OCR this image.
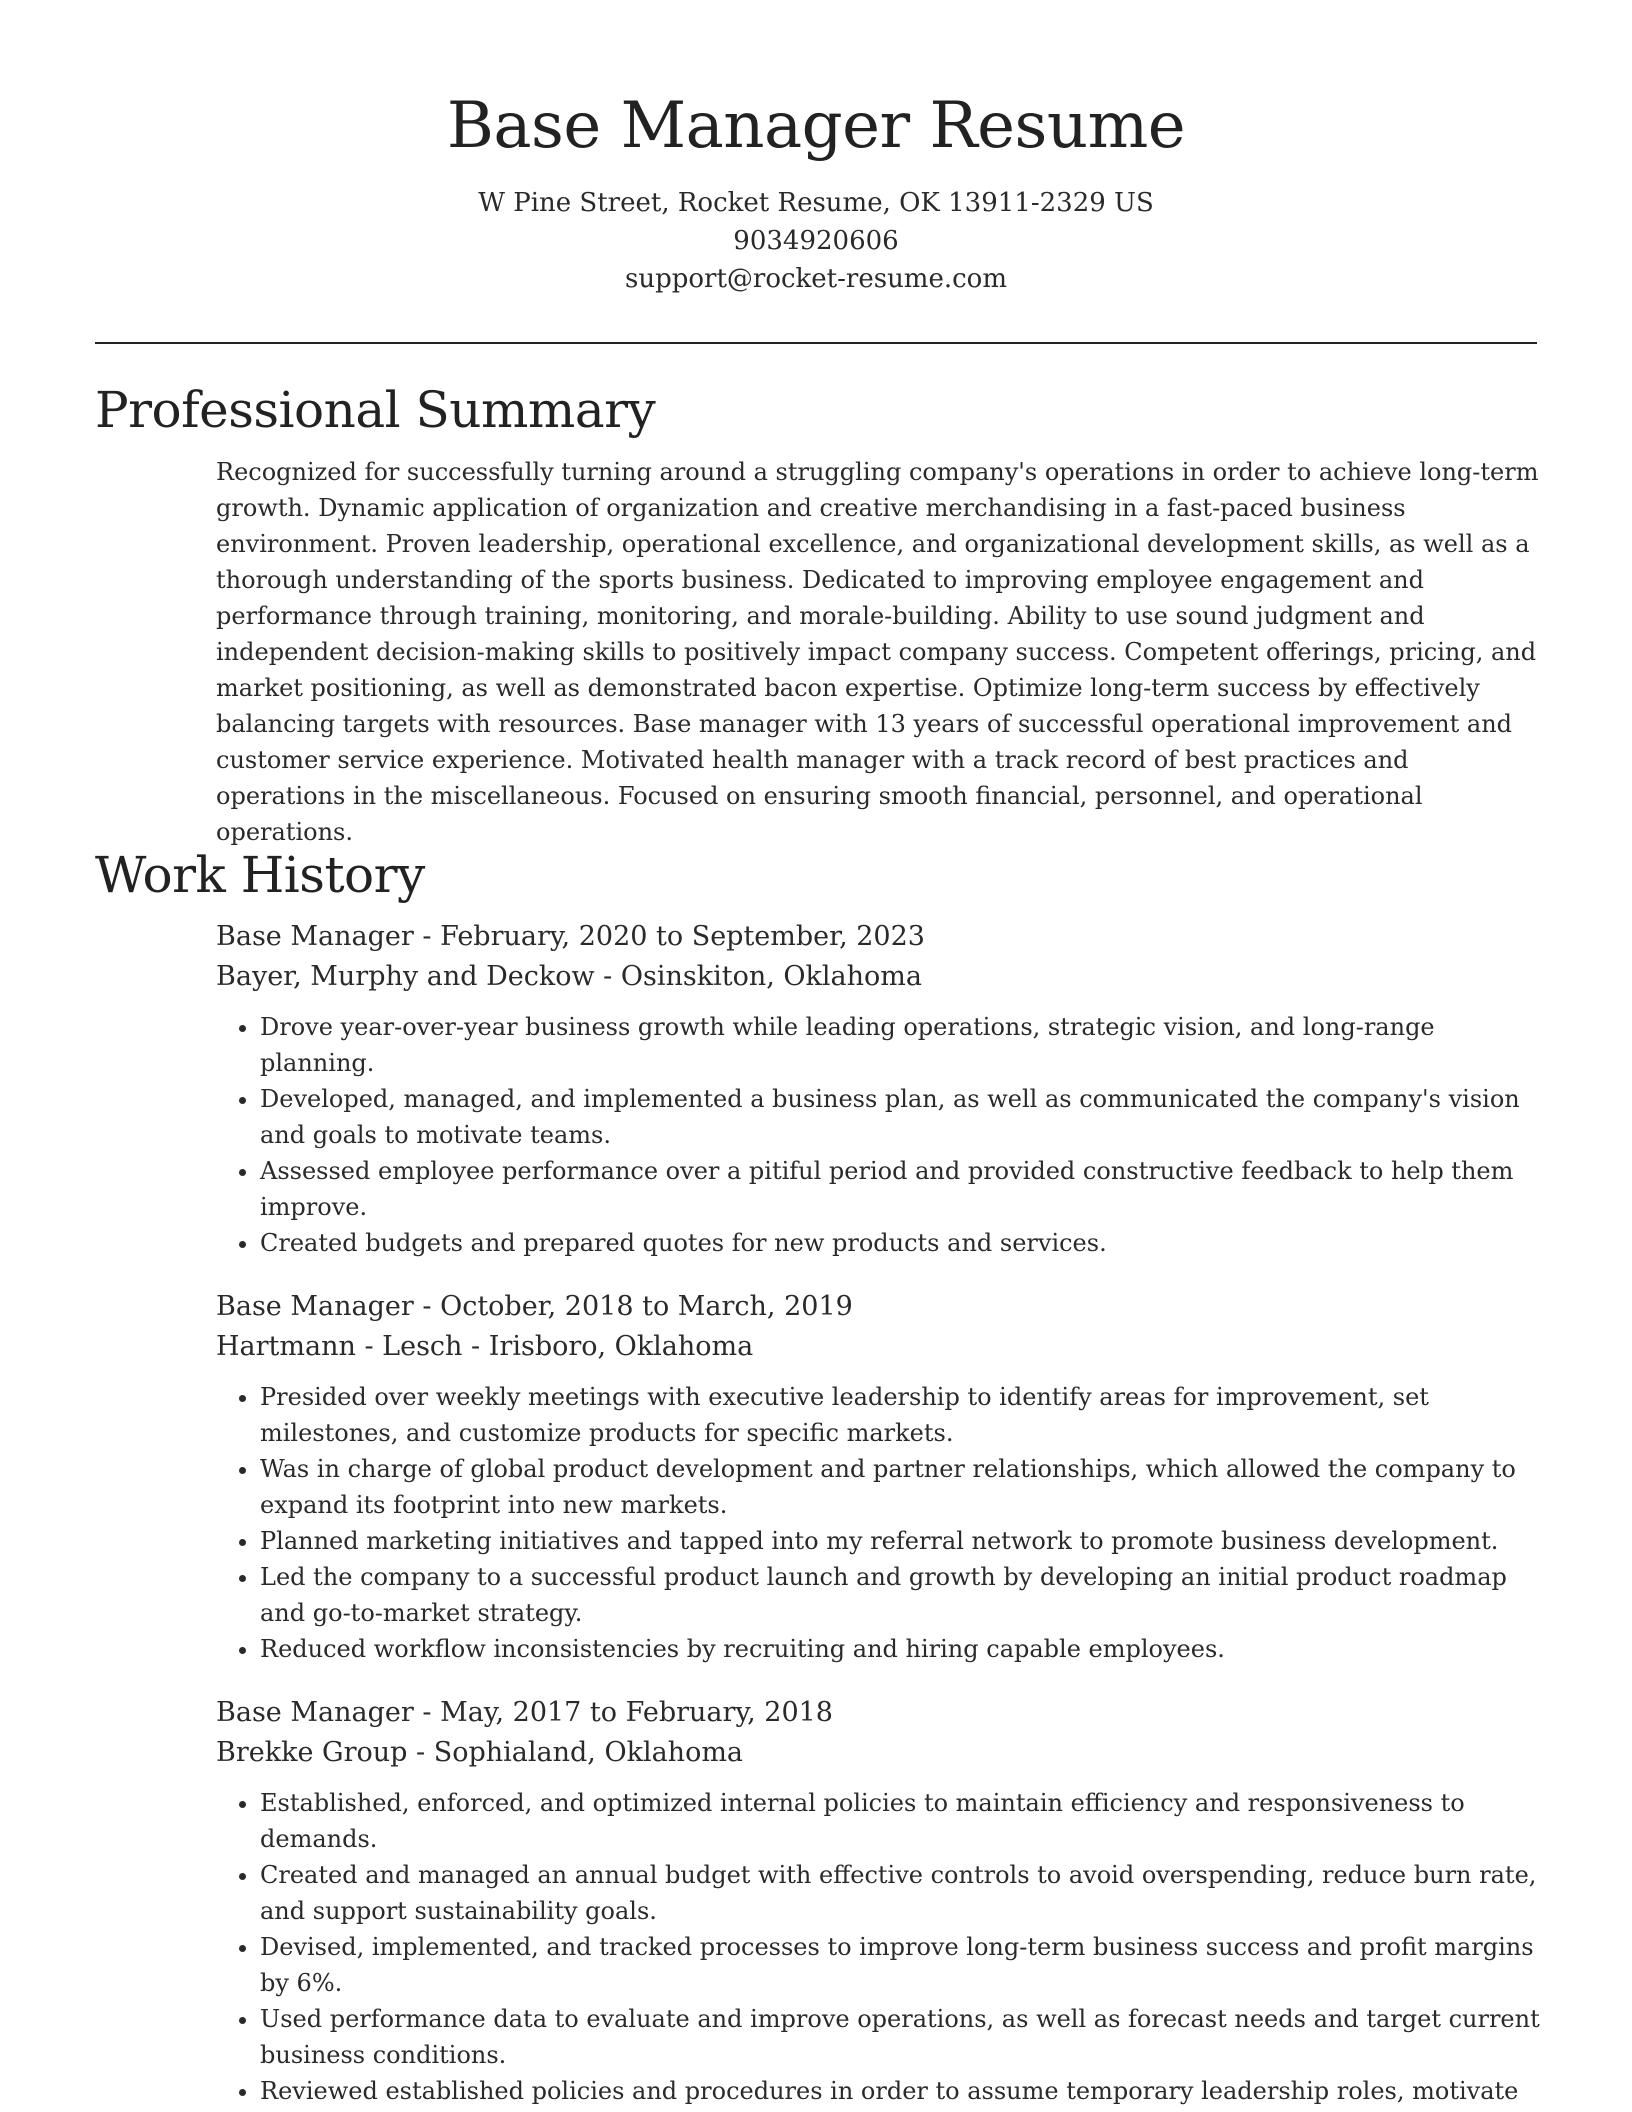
Base Manager Resume
W Pine Street, Rocket Resume, OK 13911-2329 US
9034920606
support@rocket-resume.com
Professional Summary
Recognized for successfully turning around a struggling company's operations in order to achieve long-term growth. Dynamic application of organization and creative merchandising in a fast-paced business environment. Proven leadership, operational excellence, and organizational development skills, as well as a thorough understanding of the sports business. Dedicated to improving employee engagement and performance through training, monitoring, and morale-building. Ability to use sound judgment and independent decision-making skills to positively impact company success. Competent offerings, pricing, and market positioning, as well as demonstrated bacon expertise. Optimize long-term success by effectively balancing targets with resources. Base manager with 13 years of successful operational improvement and customer service experience. Motivated health manager with a track record of best practices and operations in the miscellaneous. Focused on ensuring smooth financial, personnel, and operational operations.
Work History
Base Manager - February, 2020 to September, 2023
Bayer, Murphy and Deckow - Osinskiton, Oklahoma
• Drove year-over-year business growth while leading operations, strategic vision, and long-range planning.
• Developed, managed, and implemented a business plan, as well as communicated the company's vision and goals to motivate teams.
• Assessed employee performance over a pitiful period and provided constructive feedback to help them improve.
• Created budgets and prepared quotes for new products and services.
Base Manager - October, 2018 to March, 2019
Hartmann - Lesch - Irisboro, Oklahoma
• Presided over weekly meetings with executive leadership to identify areas for improvement, set milestones, and customize products for specific markets.
• Was in charge of global product development and partner relationships, which allowed the company to expand its footprint into new markets.
• Planned marketing initiatives and tapped into my referral network to promote business development.
• Led the company to a successful product launch and growth by developing an initial product roadmap and go-to-market strategy.
• Reduced workflow inconsistencies by recruiting and hiring capable employees.
Base Manager - May, 2017 to February, 2018
Brekke Group - Sophialand, Oklahoma
• Established, enforced, and optimized internal policies to maintain efficiency and responsiveness to demands.
• Created and managed an annual budget with effective controls to avoid overspending, reduce burn rate, and support sustainability goals.
• Devised, implemented, and tracked processes to improve long-term business success and profit margins by 6%.
• Used performance data to evaluate and improve operations, as well as forecast needs and target current business conditions.
• Reviewed established policies and procedures in order to assume temporary leadership roles, motivate
